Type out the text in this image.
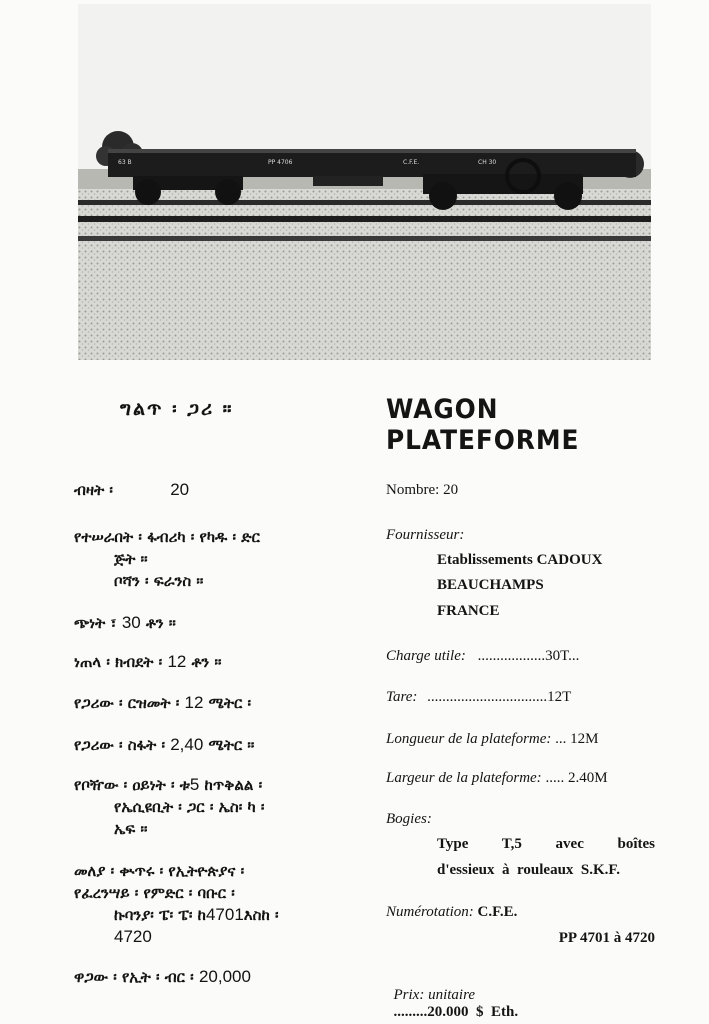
63 B	PP 4706	C.F.E.	CH 30
ግልጥ ፡ ጋሪ ።	WAGON PLATEFORME
ብዛት ፡	20
የተሠራበት ፡ ፋብሪካ ፡ የካዱ ፡ ድር
ጅት ።
ቦሻን ፡ ፍራንስ ።
ጭነት ፣ 30 ቶን ።
ነጠላ ፡ ክብደት ፡ 12 ቶን ።
የጋሪው ፡ ርዝመት ፡ 12 ሜትር ፡
የጋሪው ፡ ስፋት ፡ 2,40 ሜትር ።
የቦዥው ፡ ዐይነት ፡ ቱ5 ከጥቅልል ፡
የኤሲዩቢት ፡ ጋር ፡ ኤስ፡ ካ ፡
ኤፍ ።
መለያ ፡ ቊጥሩ ፡ የኢትዮጵያና ፡
የፈረንሣይ ፡ የምድር ፡ ባቡር ፡
ኩባንያ፡ ፔ፡ ፔ፡ ከ4701እስከ ፡
4720
ዋጋው ፡ የኢት ፡ ብር ፡ 20,000
Nombre: 20
Fournisseur:
Etablissements CADOUX
BEAUCHAMPS
FRANCE
Charge utile: ..................30T...
Tare: ................................12T
Longueur de la plateforme: ... 12M
Largeur de la plateforme: ..... 2.40M
Bogies:
Type    T,5    avec    boîtes
d'essieux  à  rouleaux  S.K.F.
Numérotation: C.F.E.
PP 4701 à 4720

Prix: unitaire
.........20.000  $  Eth.
